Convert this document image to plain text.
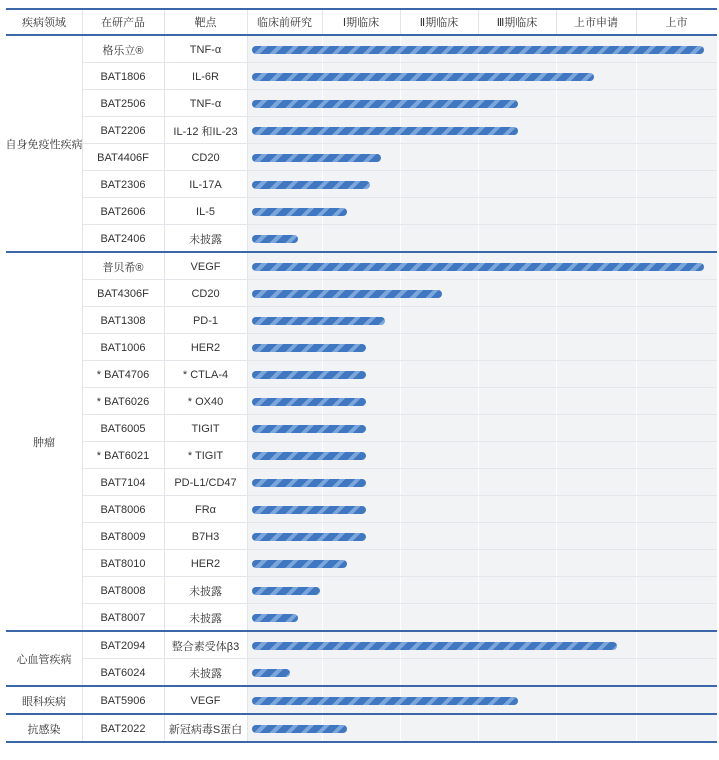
疾病领域	在研产品	靶点	临床前研究	Ⅰ期临床	Ⅱ期临床	Ⅲ期临床	上市申请	上市
自身免疫性疾病
格乐立®	TNF-α
BAT1806	IL-6R
BAT2506	TNF-α
BAT2206	IL-12 和IL-23
BAT4406F	CD20
BAT2306	IL-17A
BAT2606	IL-5
BAT2406	未披露
肿瘤
普贝希®	VEGF
BAT4306F	CD20
BAT1308	PD-1
BAT1006	HER2
* BAT4706	* CTLA-4
* BAT6026	* OX40
BAT6005	TIGIT
* BAT6021	* TIGIT
BAT7104	PD-L1/CD47
BAT8006	FRα
BAT8009	B7H3
BAT8010	HER2
BAT8008	未披露
BAT8007	未披露
心血管疾病
BAT2094	整合素受体β3
BAT6024	未披露
眼科疾病	BAT5906	VEGF
抗感染	BAT2022	新冠病毒S蛋白
